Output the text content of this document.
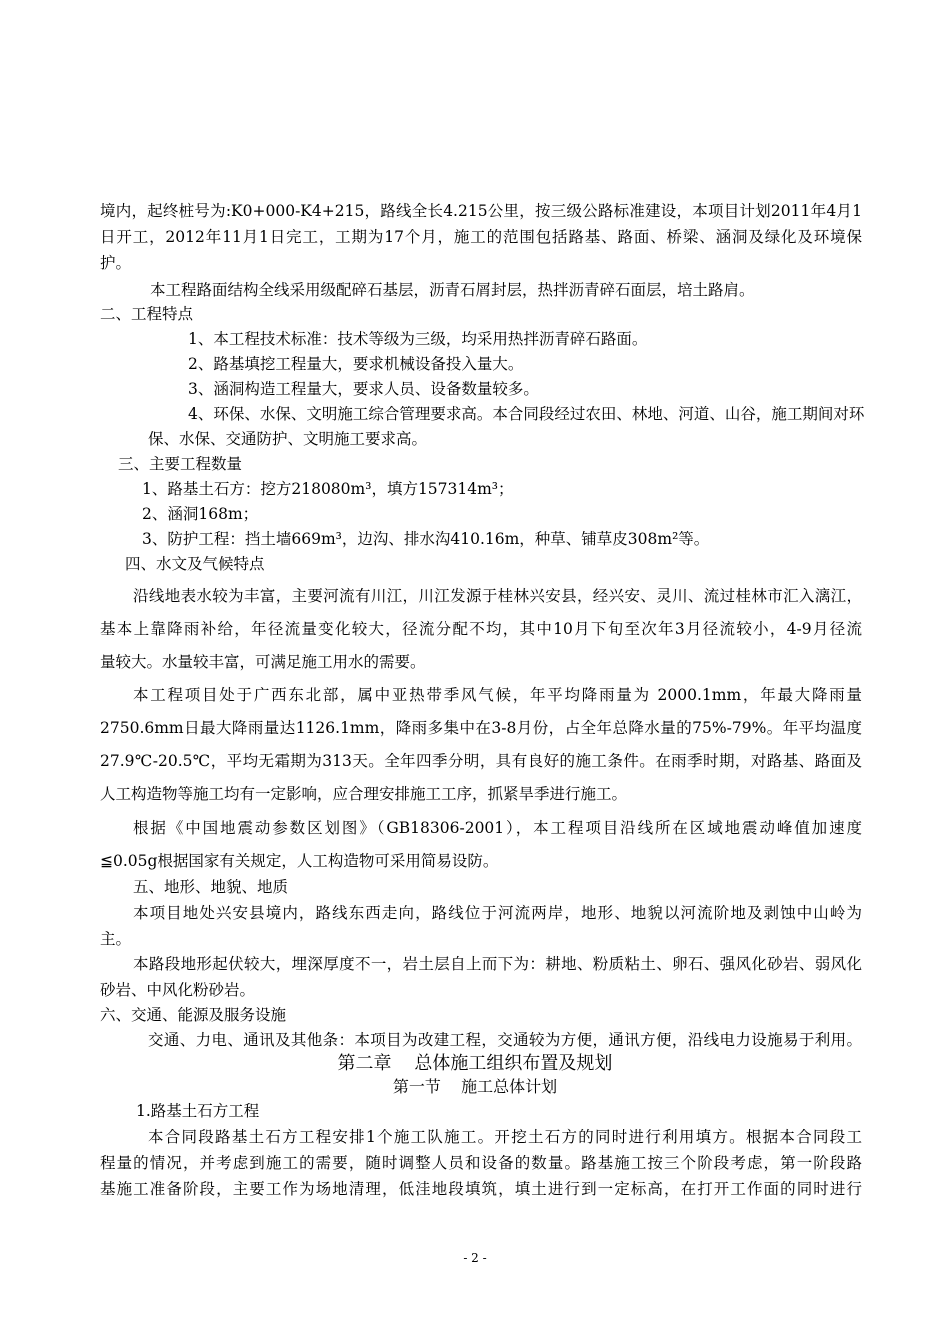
境内，起终桩号为:K0+000-K4+215，路线全长4.215公里，按三级公路标准建设，本项目计划2011年4月1
日开工，2012年11月1日完工，工期为17个月，施工的范围包括路基、路面、桥梁、涵洞及绿化及环境保
护。
本工程路面结构全线采用级配碎石基层，沥青石屑封层，热拌沥青碎石面层，培土路肩。
二、工程特点
1、本工程技术标准：技术等级为三级，均采用热拌沥青碎石路面。
2、路基填挖工程量大，要求机械设备投入量大。
3、涵洞构造工程量大，要求人员、设备数量较多。
4、环保、水保、文明施工综合管理要求高。本合同段经过农田、林地、河道、山谷，施工期间对环
保、水保、交通防护、文明施工要求高。
三、主要工程数量
1、路基土石方：挖方218080m³，填方157314m³；
2、涵洞168m；
3、防护工程：挡土墙669m³，边沟、排水沟410.16m，种草、铺草皮308m²等。
四、水文及气候特点
沿线地表水较为丰富，主要河流有川江，川江发源于桂林兴安县，经兴安、灵川、流过桂林市汇入漓江，
基本上靠降雨补给，年径流量变化较大，径流分配不均，其中10月下旬至次年3月径流较小，4-9月径流
量较大。水量较丰富，可满足施工用水的需要。
本工程项目处于广西东北部，属中亚热带季风气候，年平均降雨量为 2000.1mm，年最大降雨量
2750.6mm日最大降雨量达1126.1mm，降雨多集中在3-8月份，占全年总降水量的75%-79%。年平均温度
27.9℃-20.5℃，平均无霜期为313天。全年四季分明，具有良好的施工条件。在雨季时期，对路基、路面及
人工构造物等施工均有一定影响，应合理安排施工工序，抓紧旱季进行施工。
根据《中国地震动参数区划图》（GB18306-2001），本工程项目沿线所在区域地震动峰值加速度
≦0.05g根据国家有关规定，人工构造物可采用简易设防。
五、地形、地貌、地质
本项目地处兴安县境内，路线东西走向，路线位于河流两岸，地形、地貌以河流阶地及剥蚀中山岭为
主。
本路段地形起伏较大，埋深厚度不一，岩土层自上而下为：耕地、粉质粘土、卵石、强风化砂岩、弱风化
砂岩、中风化粉砂岩。
六、交通、能源及服务设施
交通、力电、通讯及其他条：本项目为改建工程，交通较为方便，通讯方便，沿线电力设施易于利用。
第二章    总体施工组织布置及规划
第一节    施工总体计划
1.路基土石方工程
本合同段路基土石方工程安排1个施工队施工。开挖土石方的同时进行利用填方。根据本合同段工
程量的情况，并考虑到施工的需要，随时调整人员和设备的数量。路基施工按三个阶段考虑，第一阶段路
基施工准备阶段，主要工作为场地清理，低洼地段填筑，填土进行到一定标高，在打开工作面的同时进行
- 2 -
